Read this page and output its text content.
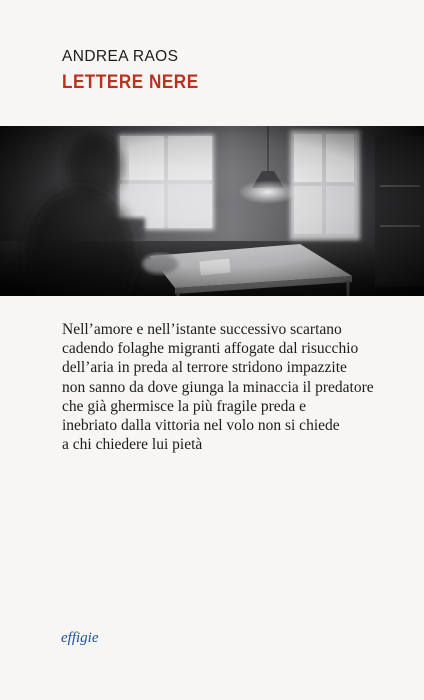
ANDREA RAOS
LETTERE NERE
Nell’amore e nell’istante successivo scartano
cadendo folaghe migranti affogate dal risucchio
dell’aria in preda al terrore stridono impazzite
non sanno da dove giunga la minaccia il predatore
che già ghermisce la più fragile preda e
inebriato dalla vittoria nel volo non si chiede
a chi chiedere lui pietà
effigie
